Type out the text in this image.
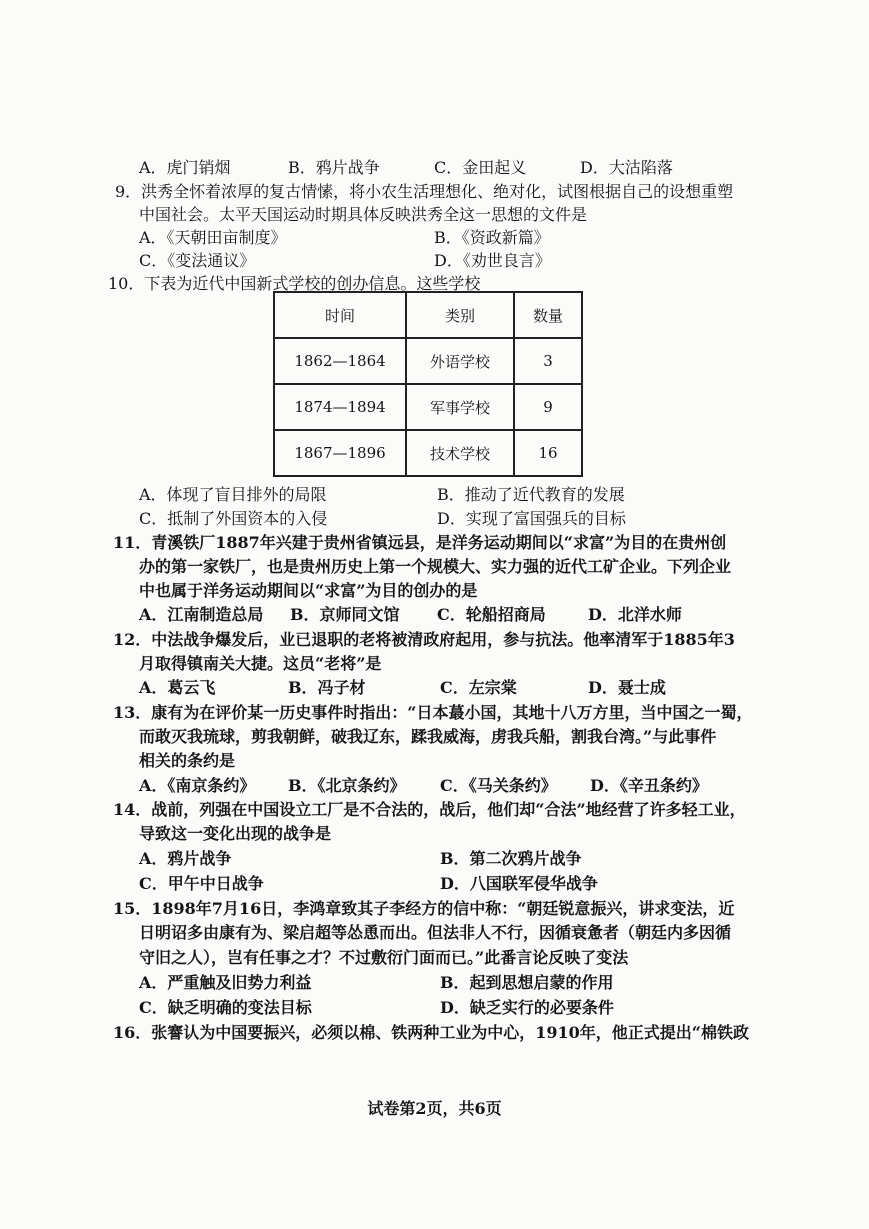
A．虎门销烟	B．鸦片战争	C．金田起义	D．大沽陷落
9．洪秀全怀着浓厚的复古情愫，将小农生活理想化、绝对化，试图根据自己的设想重塑
中国社会。太平天国运动时期具体反映洪秀全这一思想的文件是
A．《天朝田亩制度》	B．《资政新篇》
C．《变法通议》	D．《劝世良言》
10．下表为近代中国新式学校的创办信息。这些学校
时间	类别	数量
1862—1864	外语学校	3
1874—1894	军事学校	9
1867—1896	技术学校	16
A．体现了盲目排外的局限	B．推动了近代教育的发展
C．抵制了外国资本的入侵	D．实现了富国强兵的目标
11．青溪铁厂1887年兴建于贵州省镇远县，是洋务运动期间以“求富”为目的在贵州创
办的第一家铁厂，也是贵州历史上第一个规模大、实力强的近代工矿企业。下列企业
中也属于洋务运动期间以“求富”为目的创办的是
A．江南制造总局 B．京师同文馆 C．轮船招商局	D．北洋水师
12．中法战争爆发后，业已退职的老将被清政府起用，参与抗法。他率清军于1885年3
月取得镇南关大捷。这员“老将”是
A．葛云飞	B．冯子材	C．左宗棠	D．聂士成
13．康有为在评价某一历史事件时指出：“日本蕞小国，其地十八万方里，当中国之一蜀，
而敢灭我琉球，剪我朝鲜，破我辽东，蹂我威海，虏我兵船，割我台湾。”与此事件
相关的条约是
A．《南京条约》 B．《北京条约》 C．《马关条约》 D．《辛丑条约》
14．战前，列强在中国设立工厂是不合法的，战后，他们却“合法”地经营了许多轻工业，
导致这一变化出现的战争是
A．鸦片战争	B．第二次鸦片战争
C．甲午中日战争	D．八国联军侵华战争
15．1898年7月16日，李鸿章致其子李经方的信中称：“朝廷锐意振兴，讲求变法，近
日明诏多由康有为、梁启超等怂恿而出。但法非人不行，因循衰惫者（朝廷内多因循
守旧之人），岂有任事之才？不过敷衍门面而已。”此番言论反映了变法
A．严重触及旧势力利益	B．起到思想启蒙的作用
C．缺乏明确的变法目标	D．缺乏实行的必要条件
16．张謇认为中国要振兴，必须以棉、铁两种工业为中心，1910年，他正式提出“棉铁政
试卷第2页，共6页
